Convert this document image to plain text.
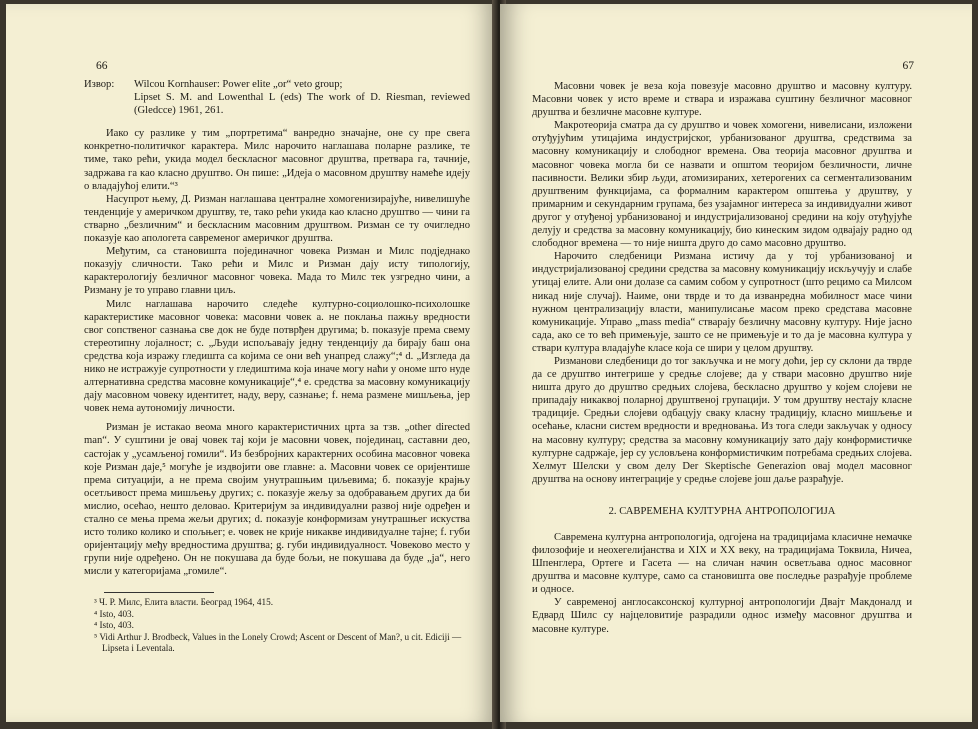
66
Извор:	Wilcou Kornhauser: Power elite „or“ veto group;

Lipset S. M. and Lowenthal L (eds) The work of D. Riesman, reviewed (Gledcce) 1961, 261.

Иако су разлике у тим „портретима“ ванредно значајне, оне су пре свега конкретно-политичког карактера. Милс нарочито наглашава поларне разлике, те тиме, тако рећи, укида модел бескласног масовног друштва, претвара га, тачније, задржава га као класно друштво. Он пише: „Идеја о масовном друштву намеће идеју о владајућој елити.“³

Насупрот њему, Д. Ризман наглашава централне хомогенизирајуће, нивелишуће тенденције у америчком друштву, те, тако рећи укида као класно друштво — чини га стварно „безличним“ и бескласним масовним друштвом. Ризман се ту очигледно показује као апологета савременог америчког друштва.

Међутим, са становишта појединачног човека Ризман и Милс подједнако показују сличности. Тако рећи и Милс и Ризман дају исту типологију, карактерологију безличног масовног човека. Мада то Милс тек узгредно чини, а Ризману је то управо главни циљ.

Милс наглашава нарочито следеће културно-социолошко-психолошке карактеристике масовног човека: масовни човек a. не поклања пажњу вредности свог сопственог сазнања све док не буде потврђен другима; b. показује према свему стереотипну лојалност; c. „Људи испољавају једну тенденцију да бирају баш она средства која изражу гледишта са којима се они већ унапред слажу“;⁴ d. „Изгледа да нико не истражује супротности у гледиштима која иначе могу наћи у ономе што нуде алтернативна средства масовне комуникације“,⁴ e. средства за масовну комуникацију дају масовном човеку идентитет, наду, веру, сазнање; f. нема размене мишљења, јер човек нема аутономију личности.

Ризман je истакао веома много карактеристичних црта за тзв. „other directed man“. У суштини је овај човек тај који је масовни човек, појединац, саставни део, састојак у „усамљеној гомили“. Из безбројних карактерних особина масовног човека које Ризман даје,⁵ могуће је издвојити ове главне: a. Масовни човек се оријентише према ситуацији, а не према својим унутрашњим циљевима; б. показује крајњу осетљивост према мишљењу других; c. показује жељу за одобравањем других да би мислио, осећао, нешто деловао. Критеријум за индивидуални развој није одређен и стално се мења према жељи других; d. показује конформизам унутрашњег искуства исто толико колико и спољњег; e. човек не крије никакве индивидуалне тајне; f. губи оријентацију међу вредностима друштва; g. губи индивидуалност. Човеково место у групи није одређено. Он не покушава да буде бољи, не покушава да буде „ја“, него мисли у категоријама „гомиле“.

³ Ч. Р. Милс, Елита власти. Београд 1964, 415.
⁴ Isto, 403.
⁴ Isto, 403.
⁵ Vidi Arthur J. Brodbeck, Values in the Lonely Crowd; Ascent or Descent of Man?, u cit. Ediciji — Lipseta i Leventala.
67

Масовни човек је веза која повезује масовно друштво и масовну културу. Масовни човек у исто време и ствара и изражава суштину безличног масовног друштва и безличне масовне културе.

Макротеорија сматра да су друштво и човек хомогени, нивелисани, изложени отуђујућим утицајима индустријског, урбанизованог друштва, средствима за масовну комуникацију и слободног времена. Ова теорија масовног друштва и масовног човека могла би се назвати и општом теоријом безличности, личне пасивности. Велики збир људи, атомизираних, хетерогених са сегментализованим друштвеним функцијама, са формалним карактером општења у друштву, у примарним и секундарним групама, без узајамног интереса за индивидуални живот другог у отуђеној урбанизованој и индустријализованој средини на коју отуђујуће делују и средства за масовну комуникацију, био кинеским зидом одвајају радно од слободног времена — то није ништа друго до само масовно друштво.

Нарочито следбеници Ризмана истичу да у тој урбанизованој и индустријализованој средини средства за масовну комуникацију искључују и слабе утицај елите. Али они долазе са самим собом у супротност (што рецимо са Милсом никад није случај). Наиме, они тврде и то да изванредна мобилност масе чини нужном централизацију власти, манипулисање масом преко средстава масовне комуникације. Управо „mass media“ стварају безличну масовну културу. Није јасно сада, ако се то већ примењује, зашто се не примењује и то да је масовна култура у ствари култура владајуће класе која се шири у целом друштву.

Ризманови следбеници до тог закључка и не могу доћи, јер су склони да тврде да се друштво интегрише у средње слојеве; да у ствари масовно друштво није ништа друго до друштво средњих слојева, бескласно друштво у којем слојеви не припадају никаквој поларној друштвеној групацији. У том друштву нестају класне традиције. Средњи слојеви одбацују сваку класну традицију, класно мишљење и осећање, класни систем вредности и вредновања. Из тога следи закључак у односу на масовну културу; средства за масовну комуникацију зато дају конформистичке културне садржаје, јер су условљена конформистичким потребама средњих слојева. Хелмут Шелски у свом делу Der Skeptische Generazion овај модел масовног друштва на основу интеграције у средње слојеве још даље разрађује.

2. САВРЕМЕНА КУЛТУРНА АНТРОПОЛОГИЈА

Савремена културна антропологија, одгојена на традицијама класичне немачке филозофије и неохегелијанства и XIX и XX веку, на традицијама Токвила, Ничеа, Шпенглера, Ортеге и Гасета — на сличан начин осветљава однос масовног друштва и масовне културе, само са становишта ове последње разрађује проблеме и односе.

У савременој англосаксонској културној антропологији Двајт Макдоналд и Едвард Шилс су најцеловитије разрадили однос између масовног друштва и масовне културе.
